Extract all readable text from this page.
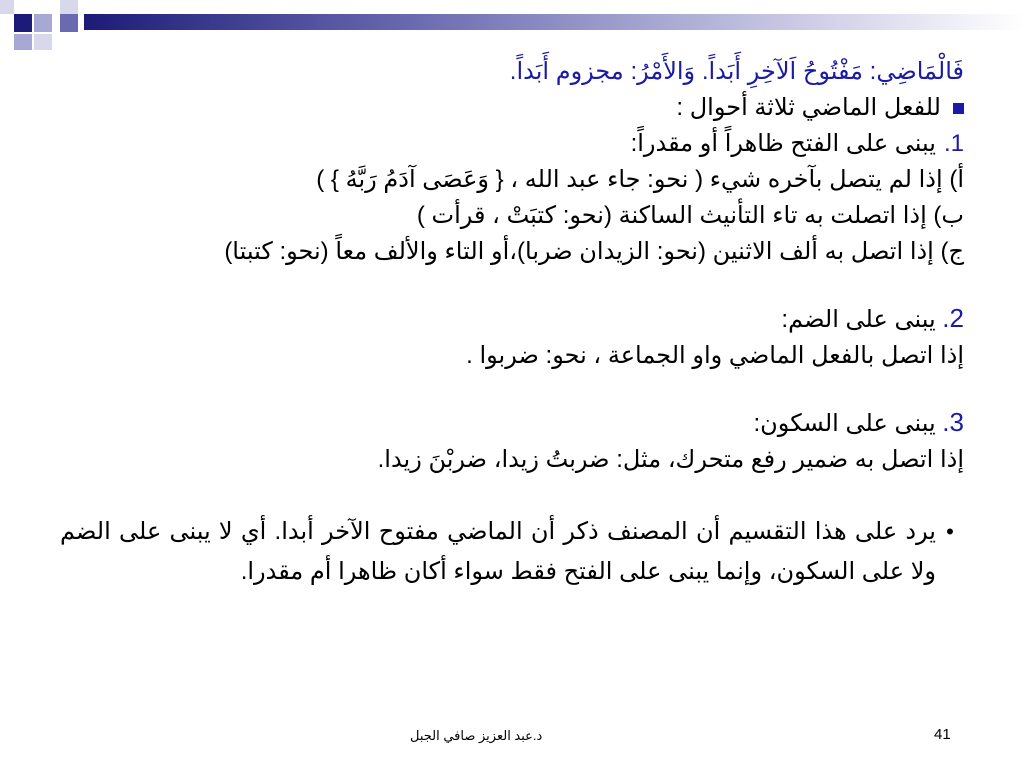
فَالْمَاضِي: مَفْتُوحُ اَلآخِرِ أَبَداً. وَالأَمْرُ: مجزوم أَبَداً.
للفعل الماضي ثلاثة أحوال :
1.يبنى على الفتح ظاهراً أو مقدراً:
أ) إذا لم يتصل بآخره شيء ( نحو: جاء عبد الله ، { وَعَصَى آدَمُ رَبَّهُ } )
ب) إذا اتصلت به تاء التأنيث الساكنة (نحو: كتبَتْ ، قرأت )
ج) إذا اتصل به ألف الاثنين (نحو: الزيدان ضربا)،أو التاء والألف معاً (نحو: كتبتا)
2. يبنى على الضم:
إذا اتصل بالفعل الماضي واو الجماعة ، نحو: ضربوا .
3. يبنى على السكون:
إذا اتصل به ضمير رفع متحرك، مثل: ضربتُ زيدا، ضربْنَ زيدا.
•
يرد على هذا التقسيم أن المصنف ذكر أن الماضي مفتوح الآخر أبدا. أي لا يبنى على الضم ولا على السكون، وإنما يبنى على الفتح فقط سواء أكان ظاهرا أم مقدرا.
د.عبد العزيز صافي الجبل	41
